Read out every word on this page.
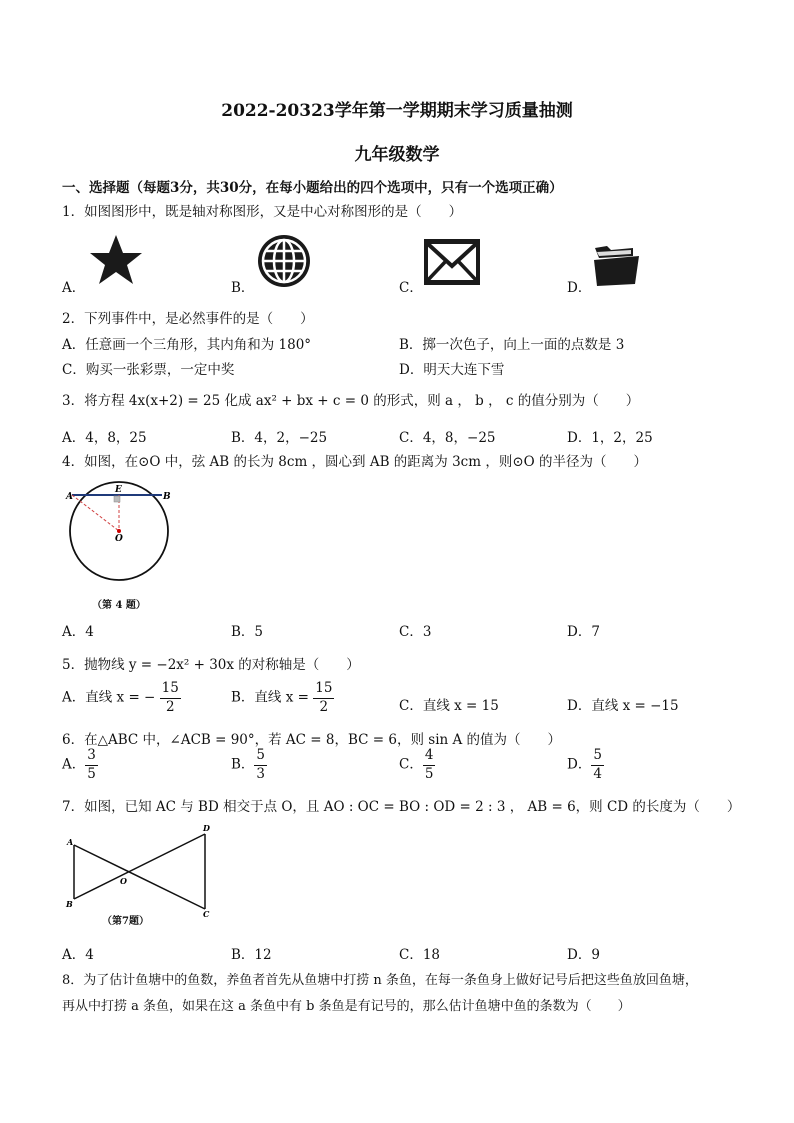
2022-20323学年第一学期期末学习质量抽测
九年级数学
一、选择题（每题3分，共30分，在每小题给出的四个选项中，只有一个选项正确）
1．如图图形中，既是轴对称图形，又是中心对称图形的是（　　）
A．	B．	C．	D．
2．下列事件中，是必然事件的是（　　）
A．任意画一个三角形，其内角和为 180°	B．掷一次色子，向上一面的点数是 3
C．购买一张彩票，一定中奖	D．明天大连下雪
3．将方程 4x(x+2) = 25 化成 ax² + bx + c = 0 的形式，则 a ， b ， c 的值分别为（　　）
A．4，8，25	B．4，2，−25	C．4，8，−25	D．1，2，25
4．如图，在⊙O 中，弦 AB 的长为 8cm ，圆心到 AB 的距离为 3cm ，则⊙O 的半径为（　　）
A
E
B
O
（第 4 题）
A．4	B．5	C．3	D．7
5．抛物线 y = −2x² + 30x 的对称轴是（　　）
A．直线 x = − $\frac{15}{2}$	B．直线 $x = \frac{15}{2}$	C．直线 x = 15	D．直线 x = −15
6．在△ABC 中，∠ACB = 90°，若 AC = 8，BC = 6，则 sin A 的值为（　　）
A． $\frac{3}{5}$	B． $\frac{5}{3}$	C． $\frac{4}{5}$	D． $\frac{5}{4}$
7．如图，已知 AC 与 BD 相交于点 O，且 AO : OC = BO : OD = 2 : 3 ， AB = 6，则 CD 的长度为（　　）
A
B
C
D
O
（第7题）
A．4	B．12	C．18	D．9
8．为了估计鱼塘中的鱼数，养鱼者首先从鱼塘中打捞 n 条鱼，在每一条鱼身上做好记号后把这些鱼放回鱼塘，
再从中打捞 a 条鱼，如果在这 a 条鱼中有 b 条鱼是有记号的，那么估计鱼塘中鱼的条数为（　　）
